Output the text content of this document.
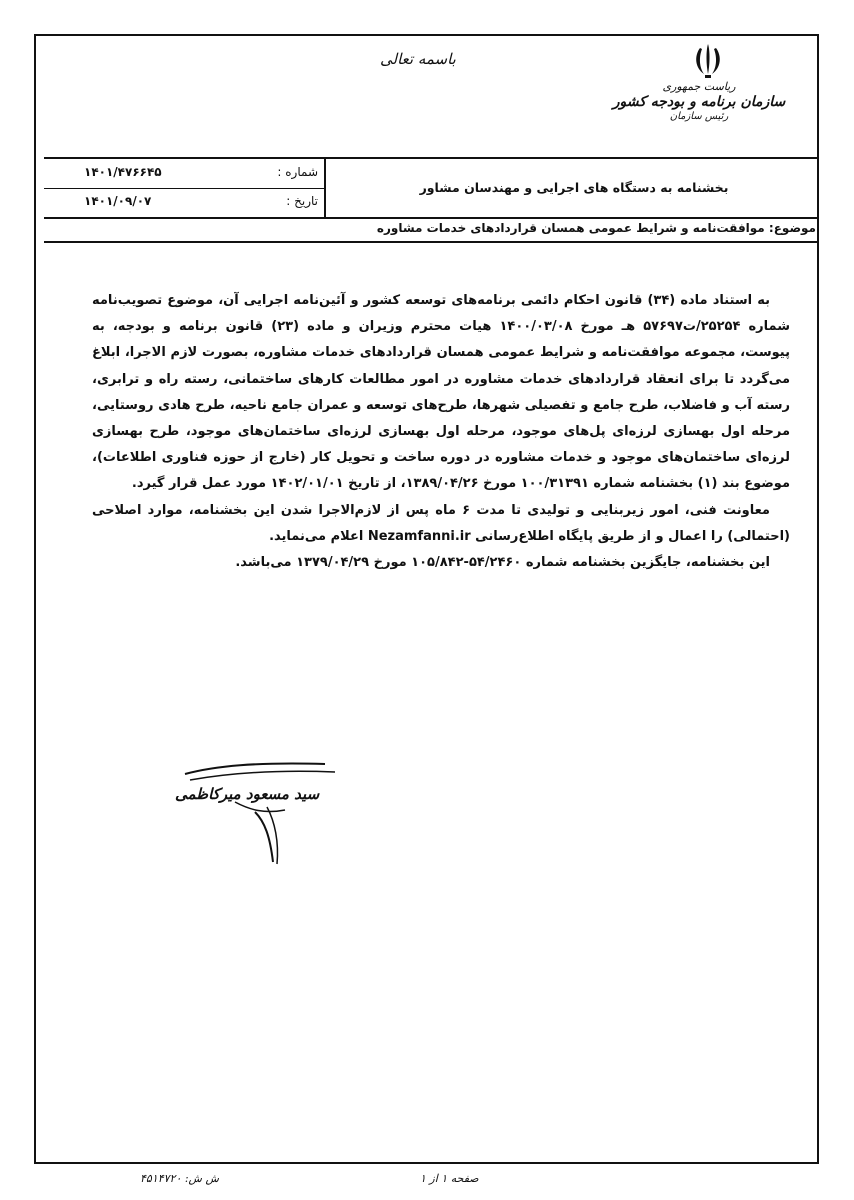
باسمه تعالی
ریاست جمهوری
سازمان برنامه و بودجه کشور
رئیس سازمان
شماره :
۱۴۰۱/۴۷۶۶۴۵
تاریخ :
۱۴۰۱/۰۹/۰۷
بخشنامه به دستگاه های اجرایی و مهندسان مشاور
موضوع: موافقت‌نامه و شرایط عمومی همسان قراردادهای خدمات مشاوره

به استناد ماده (۳۴) قانون احکام دائمی برنامه‌های توسعه کشور و آئین‌نامه اجرایی آن، موضوع تصویب‌نامه شماره ۲۵۲۵۴/ت۵۷۶۹۷ هـ مورخ ۱۴۰۰/۰۳/۰۸ هیات محترم وزیران و ماده (۲۳) قانون برنامه و بودجه، به پیوست، مجموعه موافقت‌نامه و شرایط عمومی همسان قراردادهای خدمات مشاوره، بصورت لازم الاجرا، ابلاغ می‌گردد تا برای انعقاد قراردادهای خدمات مشاوره در امور مطالعات کارهای ساختمانی، رسته راه و ترابری، رسته آب و فاضلاب، طرح جامع و تفصیلی شهرها، طرح‌های توسعه و عمران جامع ناحیه، طرح هادی روستایی، مرحله اول بهسازی لرزه‌ای پل‌های موجود، مرحله اول بهسازی لرزه‌ای ساختمان‌های موجود، طرح بهسازی لرزه‌ای ساختمان‌های موجود و خدمات مشاوره در دوره ساخت و تحویل کار (خارج از حوزه فناوری اطلاعات)، موضوع بند (۱) بخشنامه شماره ۱۰۰/۳۱۳۹۱ مورخ ۱۳۸۹/۰۴/۲۶، از تاریخ ۱۴۰۲/۰۱/۰۱ مورد عمل قرار گیرد.

معاونت فنی، امور زیربنایی و تولیدی تا مدت ۶ ماه پس از لازم‌الاجرا شدن این بخشنامه، موارد اصلاحی (احتمالی) را اعمال و از طریق پایگاه اطلاع‌رسانی Nezamfanni.ir اعلام می‌نماید.

این بخشنامه، جایگزین بخشنامه شماره ۵۴/۲۴۶۰-۱۰۵/۸۴۲ مورخ ۱۳۷۹/۰۴/۲۹ می‌باشد.

سید مسعود میرکاظمی
صفحه ۱ از ۱
ش ش: ۴۵۱۴۷۲۰
